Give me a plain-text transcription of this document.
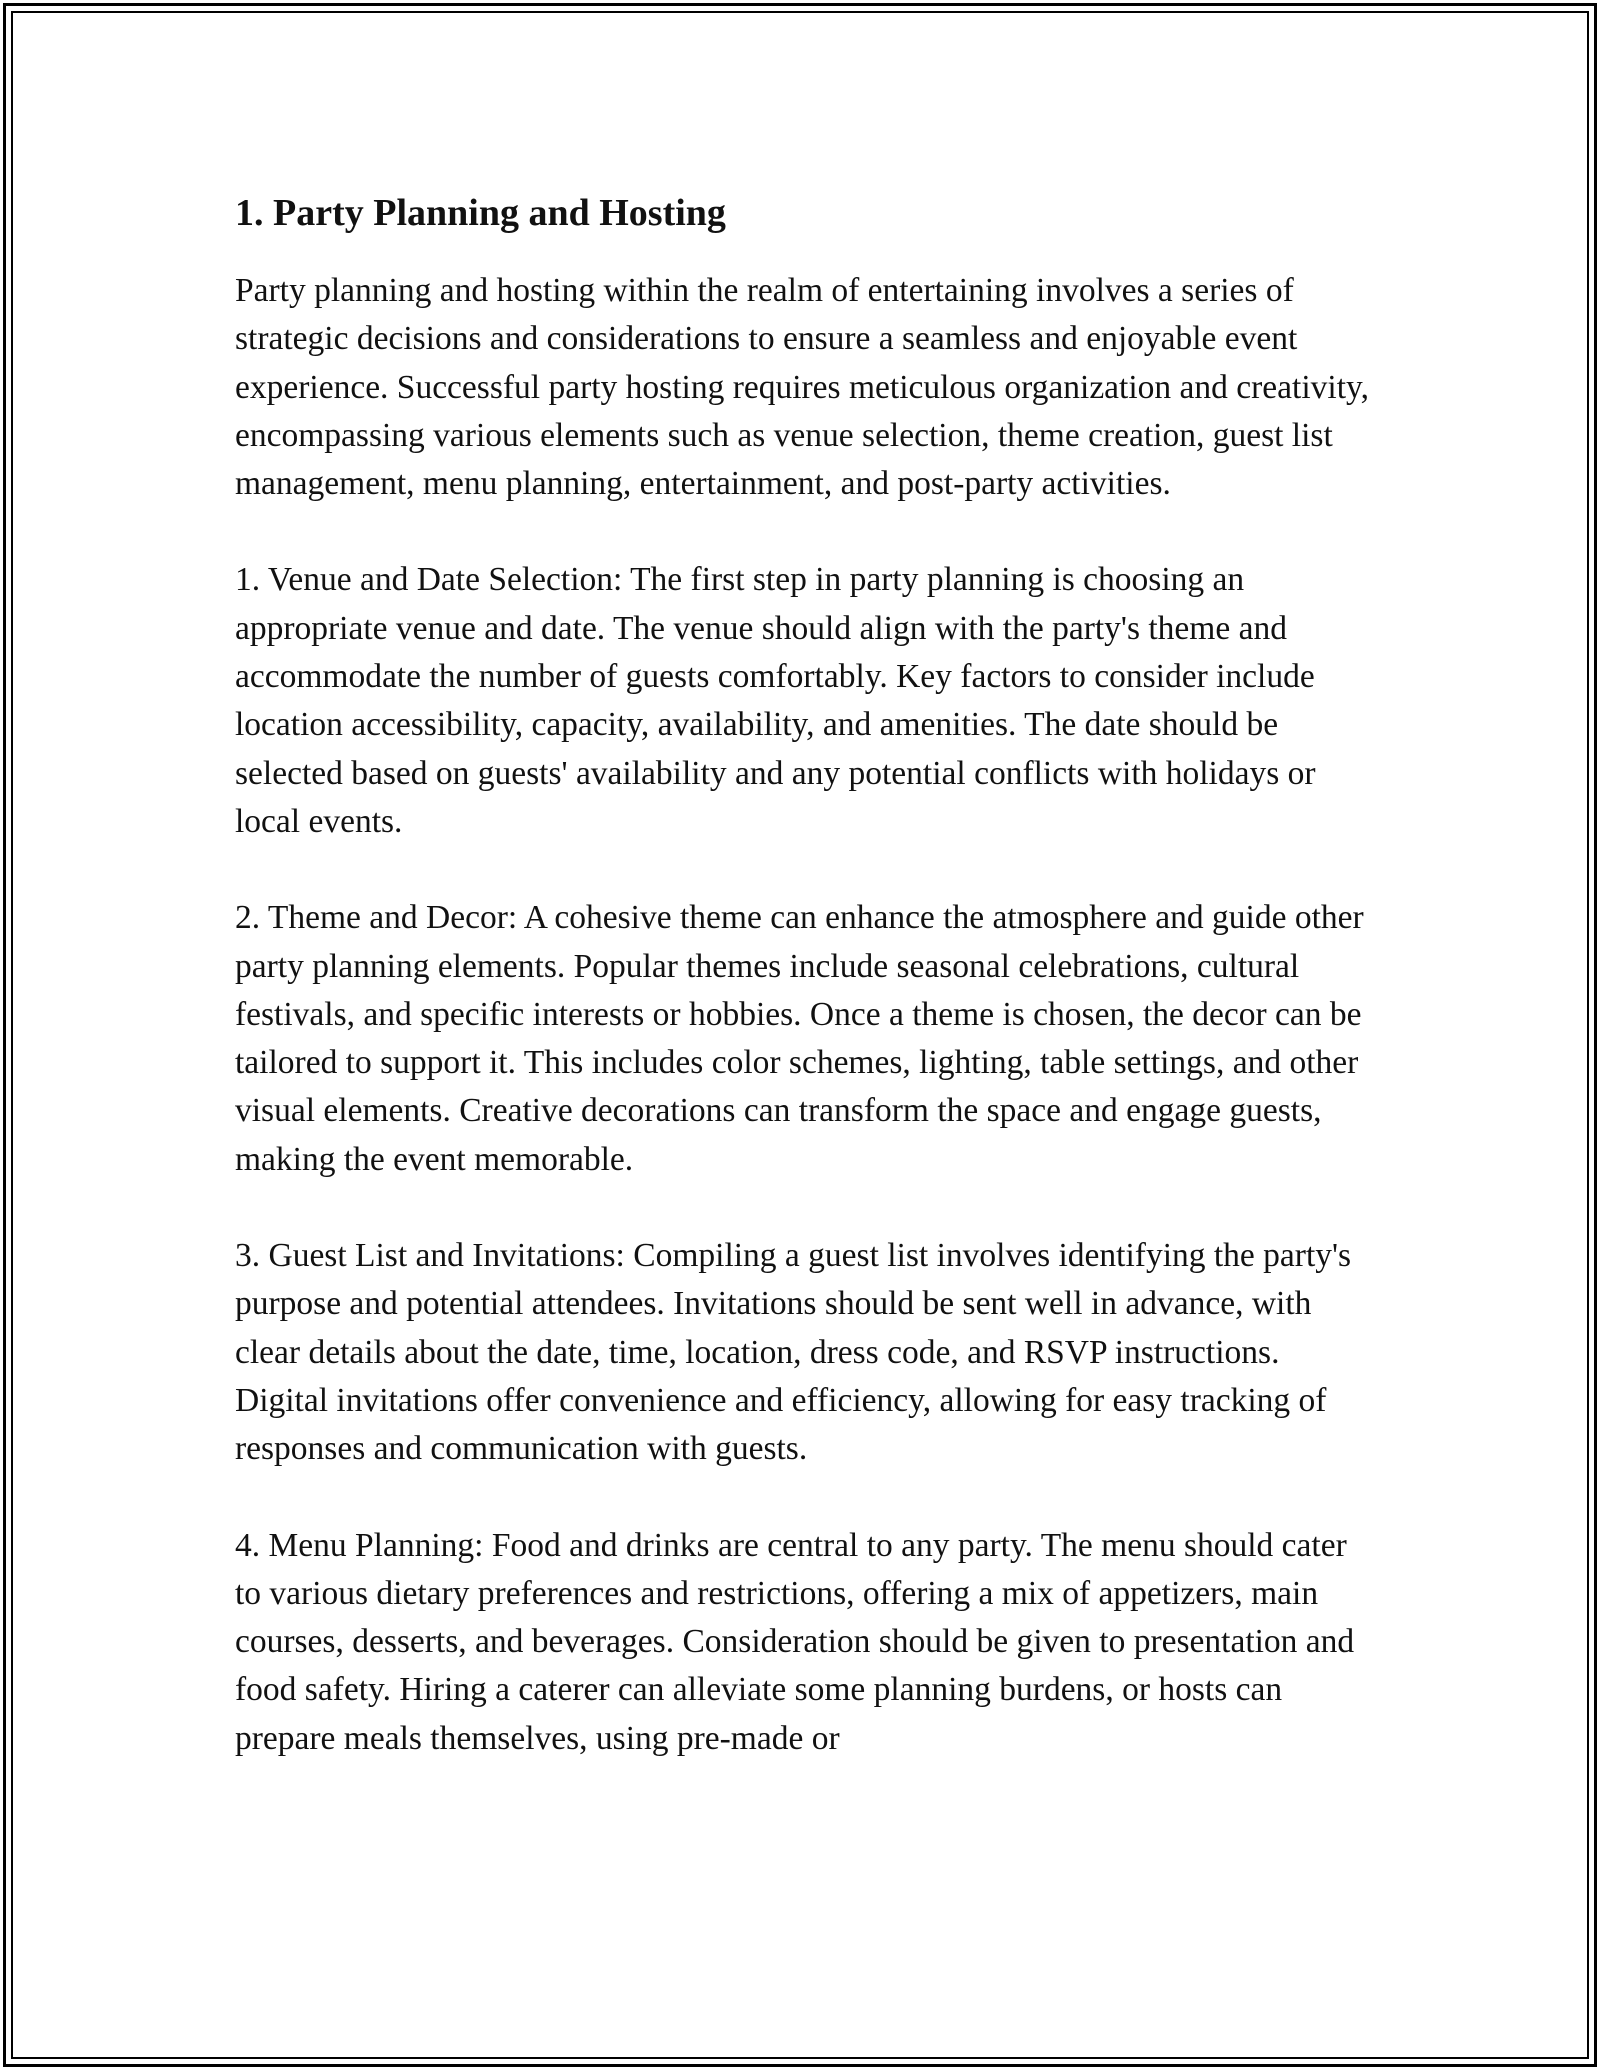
1. Party Planning and Hosting

Party planning and hosting within the realm of entertaining involves a series of strategic decisions and considerations to ensure a seamless and enjoyable event experience. Successful party hosting requires meticulous organization and creativity, encompassing various elements such as venue selection, theme creation, guest list management, menu planning, entertainment, and post-party activities.

1. Venue and Date Selection: The first step in party planning is choosing an appropriate venue and date. The venue should align with the party's theme and accommodate the number of guests comfortably. Key factors to consider include location accessibility, capacity, availability, and amenities. The date should be selected based on guests' availability and any potential conflicts with holidays or local events.

2. Theme and Decor: A cohesive theme can enhance the atmosphere and guide other party planning elements. Popular themes include seasonal celebrations, cultural festivals, and specific interests or hobbies. Once a theme is chosen, the decor can be tailored to support it. This includes color schemes, lighting, table settings, and other visual elements. Creative decorations can transform the space and engage guests, making the event memorable.

3. Guest List and Invitations: Compiling a guest list involves identifying the party's purpose and potential attendees. Invitations should be sent well in advance, with clear details about the date, time, location, dress code, and RSVP instructions. Digital invitations offer convenience and efficiency, allowing for easy tracking of responses and communication with guests.

4. Menu Planning: Food and drinks are central to any party. The menu should cater to various dietary preferences and restrictions, offering a mix of appetizers, main courses, desserts, and beverages. Consideration should be given to presentation and food safety. Hiring a caterer can alleviate some planning burdens, or hosts can prepare meals themselves, using pre-made or
